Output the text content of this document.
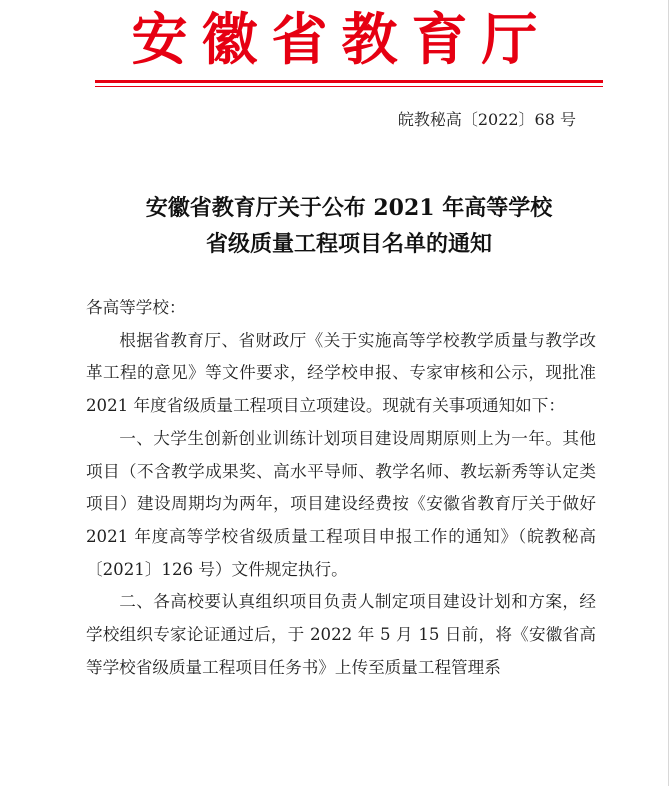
安徽省教育厅
皖教秘高〔2022〕68 号
安徽省教育厅关于公布 2021 年高等学校
省级质量工程项目名单的通知

各高等学校：

根据省教育厅、省财政厅《关于实施高等学校教学质量与教学改革工程的意见》等文件要求，经学校申报、专家审核和公示，现批准 2021 年度省级质量工程项目立项建设。现就有关事项通知如下：

一、大学生创新创业训练计划项目建设周期原则上为一年。其他项目（不含教学成果奖、高水平导师、教学名师、教坛新秀等认定类项目）建设周期均为两年，项目建设经费按《安徽省教育厅关于做好 2021 年度高等学校省级质量工程项目申报工作的通知》（皖教秘高〔2021〕126 号）文件规定执行。

二、各高校要认真组织项目负责人制定项目建设计划和方案，经学校组织专家论证通过后，于 2022 年 5 月 15 日前，将《安徽省高等学校省级质量工程项目任务书》上传至质量工程管理系
